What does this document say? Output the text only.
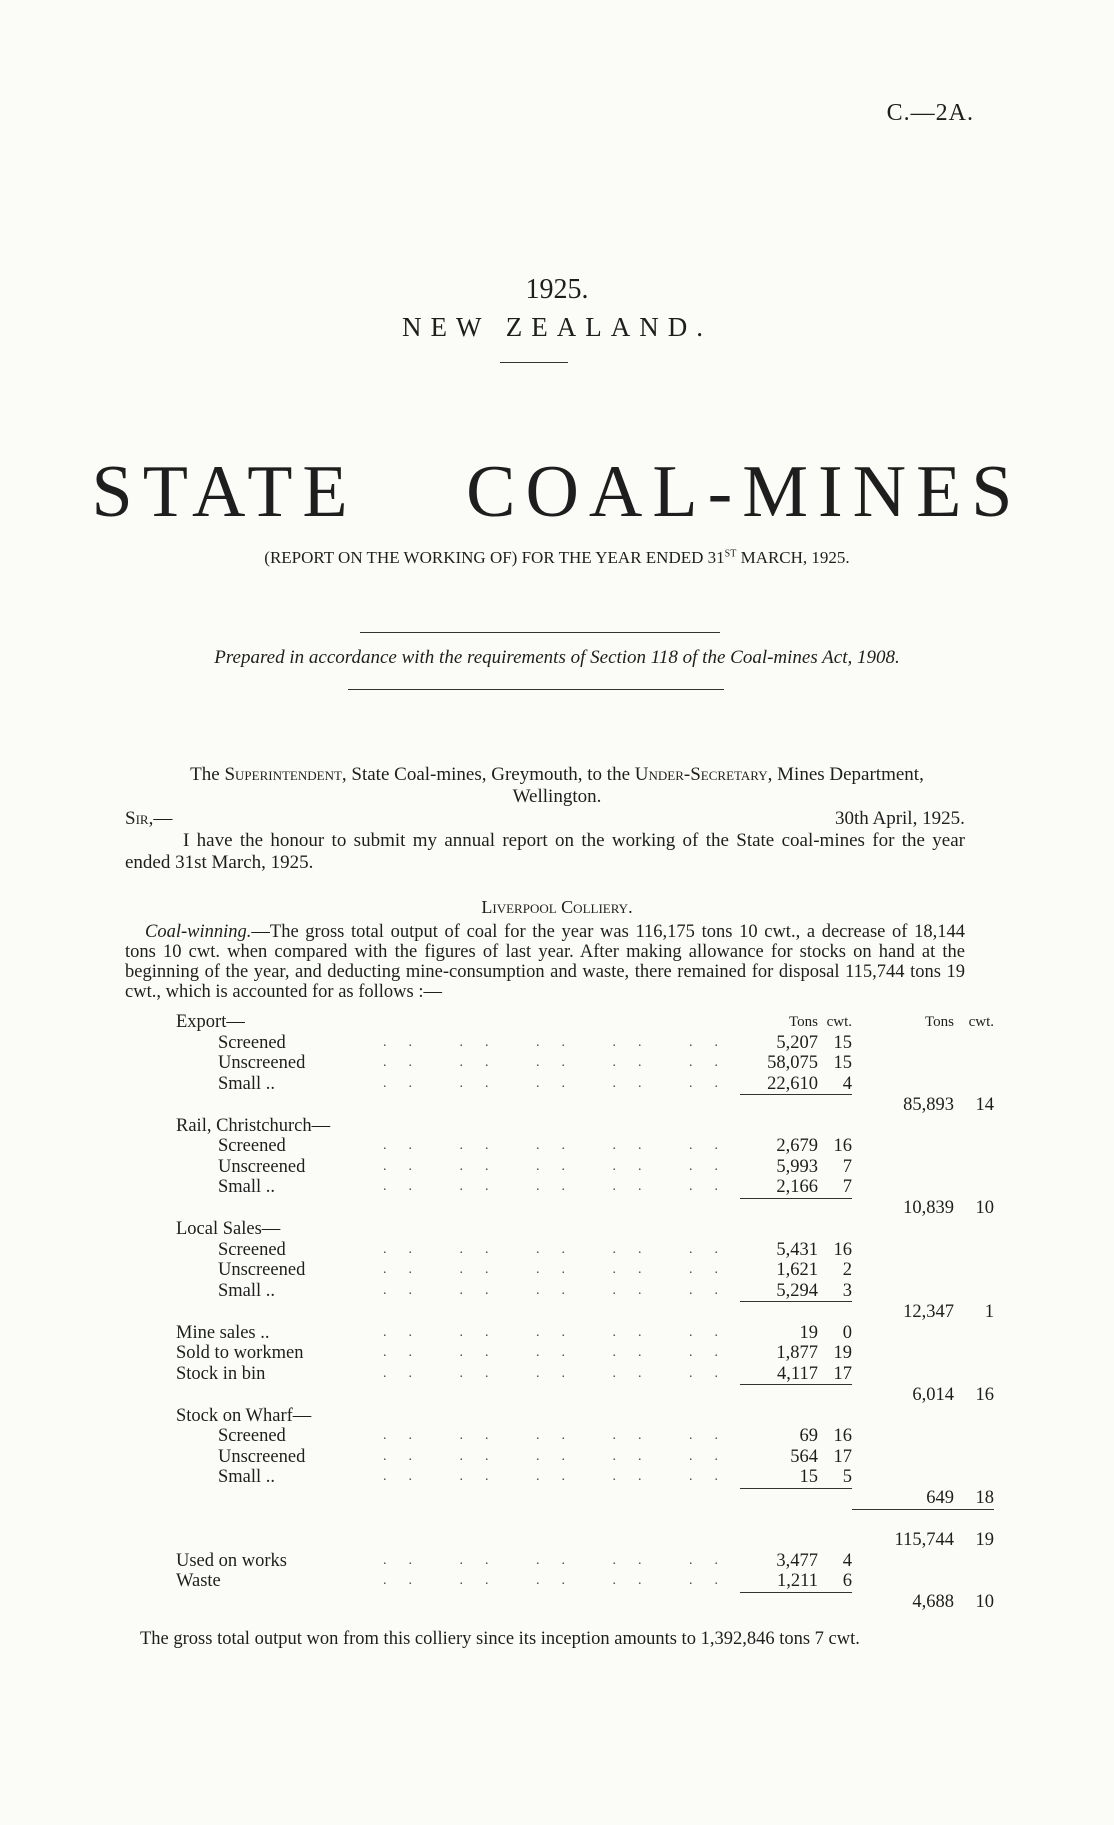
C.—2A.
1925.
NEW ZEALAND.
STATE COAL-MINES
(REPORT ON THE WORKING OF) FOR THE YEAR ENDED 31ST MARCH, 1925.
Prepared in accordance with the requirements of Section 118 of the Coal-mines Act, 1908.
The Superintendent, State Coal-mines, Greymouth, to the Under-Secretary, Mines Department,
Wellington.
Sir,—	30th April, 1925.
I have the honour to submit my annual report on the working of the State coal-mines for the year ended 31st March, 1925.
Liverpool Colliery.
Coal-winning.—The gross total output of coal for the year was 116,175 tons 10 cwt., a decrease of 18,144 tons 10 cwt. when compared with the figures of last year. After making allowance for stocks on hand at the beginning of the year, and deducting mine-consumption and waste, there remained for disposal 115,744 tons 19 cwt., which is accounted for as follows :—
Export—		Tons	cwt.	Tons	cwt.
Screened	.. .. .. .. ..	5,207	15		
Unscreened	.. .. .. .. ..	58,075	15		
Small ..	.. .. .. .. ..	22,610	4		
				85,893	14
Rail, Christchurch—					
Screened	.. .. .. .. ..	2,679	16		
Unscreened	.. .. .. .. ..	5,993	7		
Small ..	.. .. .. .. ..	2,166	7		
				10,839	10
Local Sales—					
Screened	.. .. .. .. ..	5,431	16		
Unscreened	.. .. .. .. ..	1,621	2		
Small ..	.. .. .. .. ..	5,294	3		
				12,347	1
Mine sales ..	.. .. .. .. ..	19	0		
Sold to workmen	.. .. .. .. ..	1,877	19		
Stock in bin	.. .. .. .. ..	4,117	17		
				6,014	16
Stock on Wharf—					
Screened	.. .. .. .. ..	69	16		
Unscreened	.. .. .. .. ..	564	17		
Small ..	.. .. .. .. ..	15	5		
				649	18

				115,744	19
Used on works	.. .. .. .. ..	3,477	4		
Waste	.. .. .. .. ..	1,211	6		
				4,688	10
The gross total output won from this colliery since its inception amounts to 1,392,846 tons 7 cwt.
